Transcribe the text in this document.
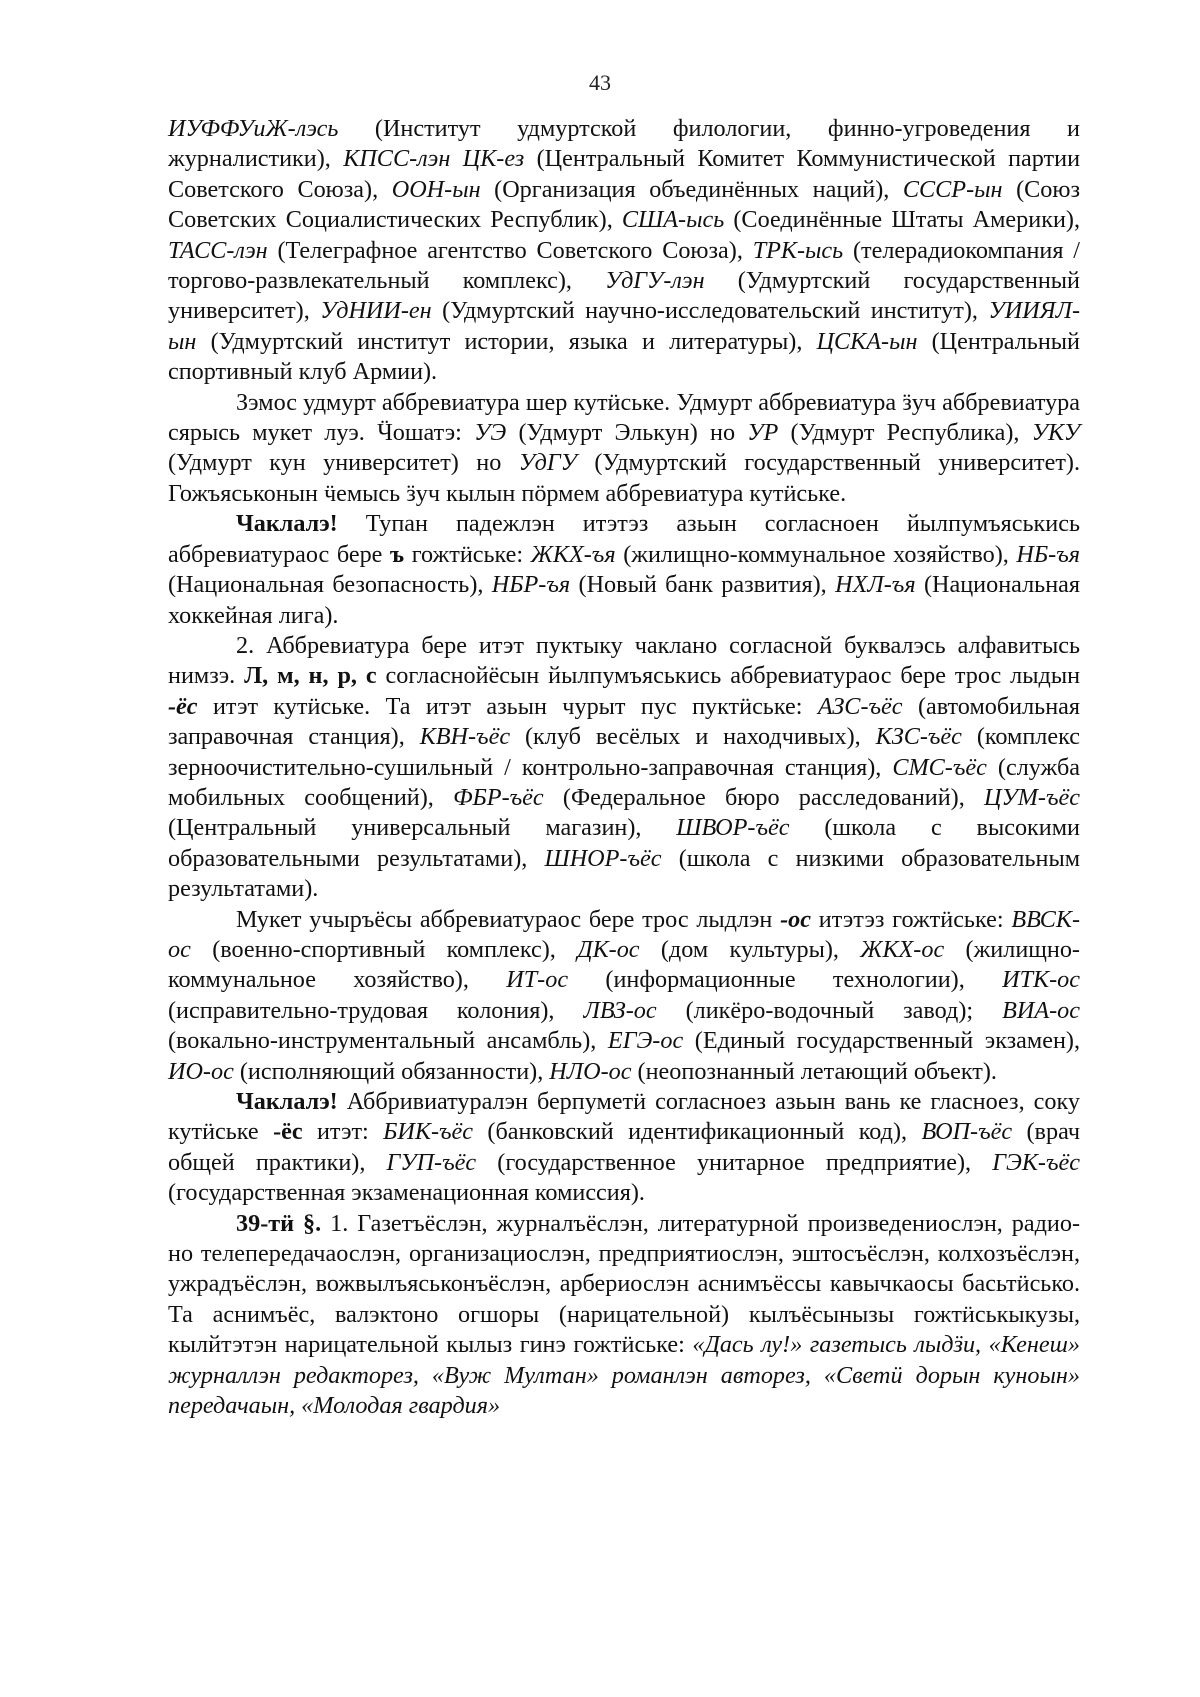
43

ИУФФУиЖ-лэсь (Институт удмуртской филологии, финно-угроведения и журналистики), КПСС-лэн ЦК-ез (Центральный Комитет Коммунистической партии Советского Союза), ООН-ын (Организация объединённых наций), СССР-ын (Союз Советских Социалистических Республик), США-ысь (Соединённые Штаты Америки), ТАСС-лэн (Телеграфное агентство Советского Союза), ТРК-ысь (телерадиокомпания / торгово-развлекательный комплекс), УдГУ-лэн (Удмуртский государственный университет), УдНИИ-ен (Удмуртский научно-исследовательский институт), УИИЯЛ-ын (Удмуртский институт истории, языка и литературы), ЦСКА-ын (Центральный спортивный клуб Армии).

Зэмос удмурт аббревиатура шер кутӥське. Удмурт аббревиатура ӟуч аббревиатура сярысь мукет луэ. Ӵошатэ: УЭ (Удмурт Элькун) но УР (Удмурт Республика), УКУ (Удмурт кун университет) но УдГУ (Удмуртский государственный университет). Гожъяськонын ӵемысь ӟуч кылын пӧрмем аббревиатура кутӥське.

Чаклалэ! Тупан падежлэн итэтэз азьын согласноен йылпумъяськись аббревиатураос бере ъ гожтӥське: ЖКХ-ъя (жилищно-коммунальное хозяйство), НБ-ъя (Национальная безопасность), НБР-ъя (Новый банк развития), НХЛ-ъя (Национальная хоккейная лига).

2. Аббревиатура бере итэт пуктыку чаклано согласной буквалэсь алфавитысь нимзэ. Л, м, н, р, с согласнойёсын йылпумъяськись аббревиатураос бере трос лыдын -ёс итэт кутӥське. Та итэт азьын чурыт пус пуктӥське: АЗС-ъёс (автомобильная заправочная станция), КВН-ъёс (клуб весёлых и находчивых), КЗС-ъёс (комплекс зерноочистительно-сушильный / контрольно-заправочная станция), СМС-ъёс (служба мобильных сообщений), ФБР-ъёс (Федеральное бюро расследований), ЦУМ-ъёс (Центральный универсальный магазин), ШВОР-ъёс (школа с высокими образовательными результатами), ШНОР-ъёс (школа с низкими образовательным результатами).

Мукет учыръёсы аббревиатураос бере трос лыдлэн -ос итэтэз гожтӥське: ВВСК-ос (военно-спортивный комплекс), ДК-ос (дом культуры), ЖКХ-ос (жилищно-коммунальное хозяйство), ИТ-ос (информационные технологии), ИТК-ос (исправительно-трудовая колония), ЛВЗ-ос (ликёро-водочный завод); ВИА-ос (вокально-инструментальный ансамбль), ЕГЭ-ос (Единый государственный экзамен), ИО-ос (исполняющий обязанности), НЛО-ос (неопознанный летающий объект).

Чаклалэ! Аббривиатуралэн берпуметӥ согласноез азьын вань ке гласноез, соку кутӥське -ёс итэт: БИК-ъёс (банковский идентификационный код), ВОП-ъёс (врач общей практики), ГУП-ъёс (государственное унитарное предприятие), ГЭК-ъёс (государственная экзаменационная комиссия).

39-тӥ §. 1. Газетъёслэн, журналъёслэн, литературной произведениослэн, радио- но телепередачаослэн, организациослэн, предприятиослэн, эштосъёслэн, колхозъёслэн, ужрадъёслэн, вожвылъяськонъёслэн, арбериослэн аснимъёссы кавычкаосы басьтӥсько. Та аснимъёс, валэктоно огшоры (нарицательной) кылъёсынызы гожтӥськыкузы, кылйтэтэн нарицательной кылыз гинэ гожтӥське: «Дась лу!» газетысь лыдӟи, «Кенеш» журналлэн редакторез, «Вуж Мултан» романлэн авторез, «Светӥ дорын куноын» передачаын, «Молодая гвардия»
